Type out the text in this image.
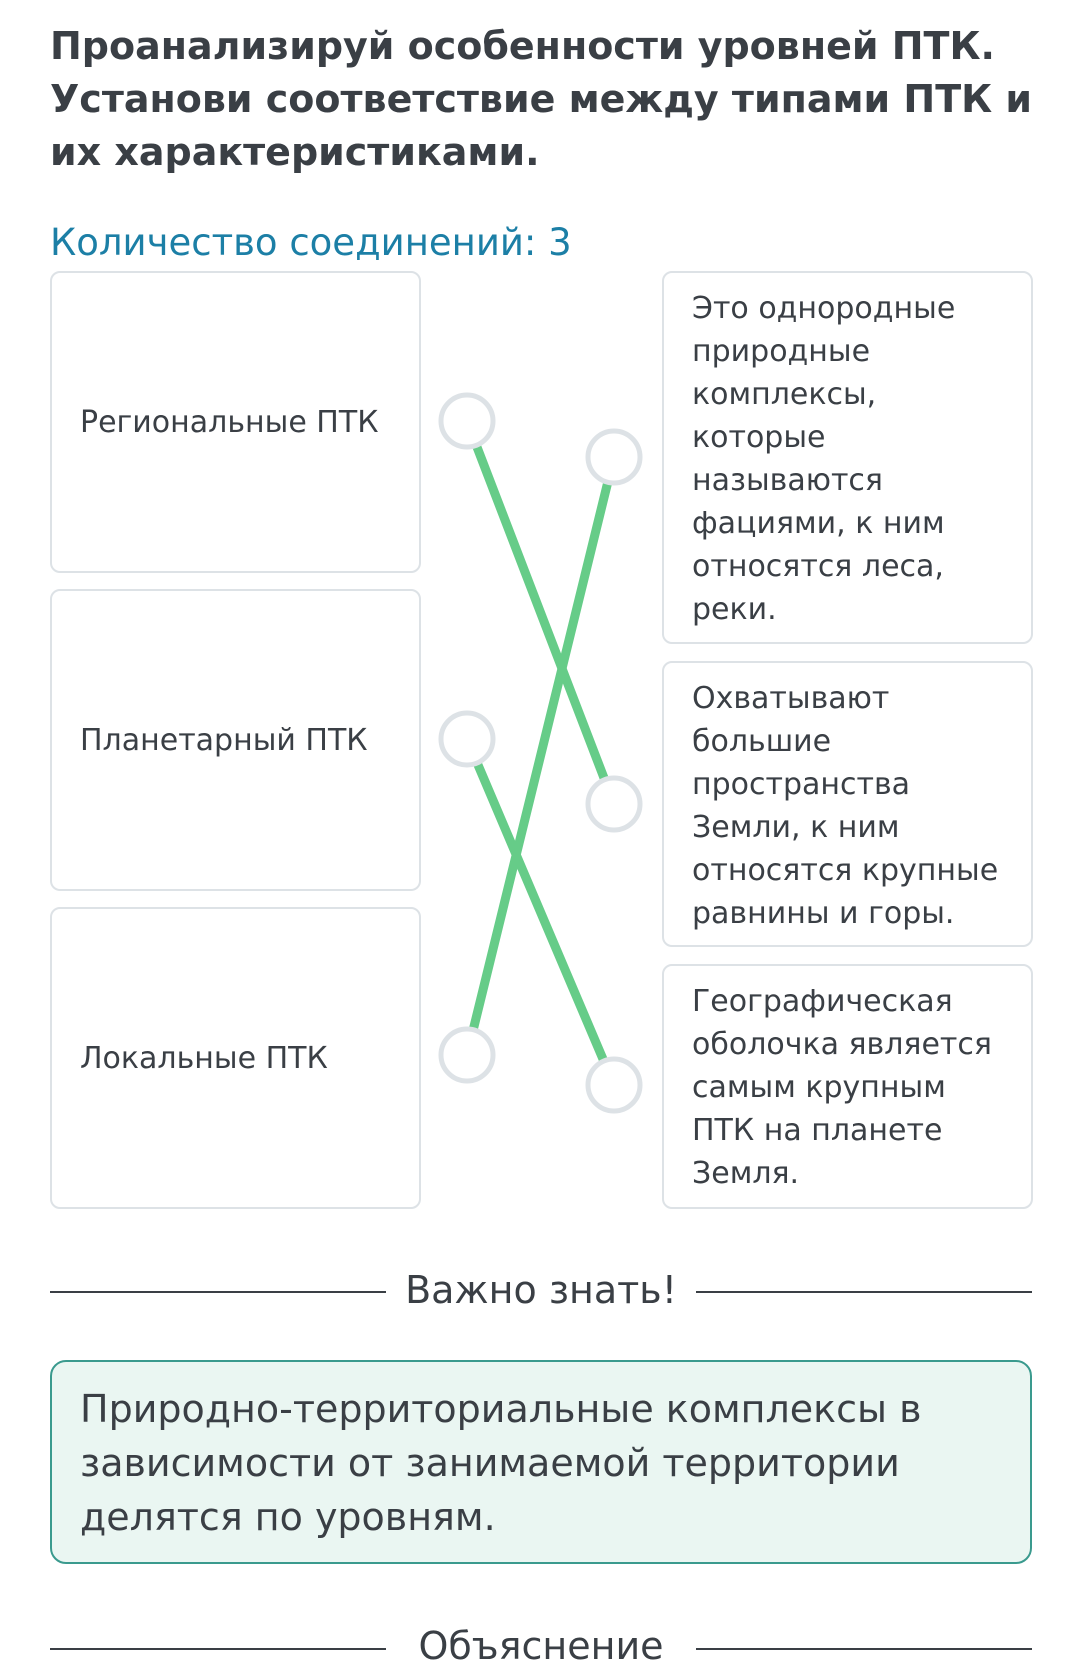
Проанализируй особенности уровней ПТК. Установи соответствие между типами ПТК и их характеристиками.
Количество соединений: 3
Региональные ПТК
Планетарный ПТК
Локальные ПТК
Это однородные природные комплексы, которые называются фациями, к ним относятся леса, реки.
Охватывают большие пространства Земли, к ним относятся крупные равнины и горы.
Географическая оболочка является самым крупным ПТК на планете Земля.
Важно знать!
Природно-территориальные комплексы в зависимости от занимаемой территории делятся по уровням.
Объяснение
